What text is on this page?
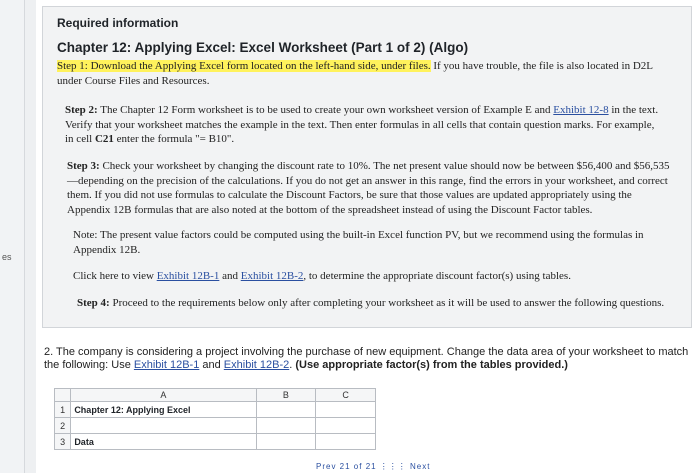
es
Required information
Chapter 12: Applying Excel: Excel Worksheet (Part 1 of 2) (Algo)
Step 1: Download the Applying Excel form located on the left-hand side, under files. If you have trouble, the file is also located in D2L under Course Files and Resources.
Step 2: The Chapter 12 Form worksheet is to be used to create your own worksheet version of Example E and Exhibit 12-8 in the text. Verify that your worksheet matches the example in the text. Then enter formulas in all cells that contain question marks. For example, in cell C21 enter the formula "= B10".
Step 3: Check your worksheet by changing the discount rate to 10%. The net present value should now be between $56,400 and $56,535—depending on the precision of the calculations. If you do not get an answer in this range, find the errors in your worksheet, and correct them. If you did not use formulas to calculate the Discount Factors, be sure that those values are updated appropriately using the Appendix 12B formulas that are also noted at the bottom of the spreadsheet instead of using the Discount Factor tables.
Note: The present value factors could be computed using the built-in Excel function PV, but we recommend using the formulas in Appendix 12B.
Click here to view Exhibit 12B-1 and Exhibit 12B-2, to determine the appropriate discount factor(s) using tables.
Step 4: Proceed to the requirements below only after completing your worksheet as it will be used to answer the following questions.
2. The company is considering a project involving the purchase of new equipment. Change the data area of your worksheet to match the following: Use Exhibit 12B-1 and Exhibit 12B-2. (Use appropriate factor(s) from the tables provided.)
	A	B	C
1	Chapter 12: Applying Excel		
2			
3	Data		
Prev 21 of 21 ⋮⋮⋮ Next
